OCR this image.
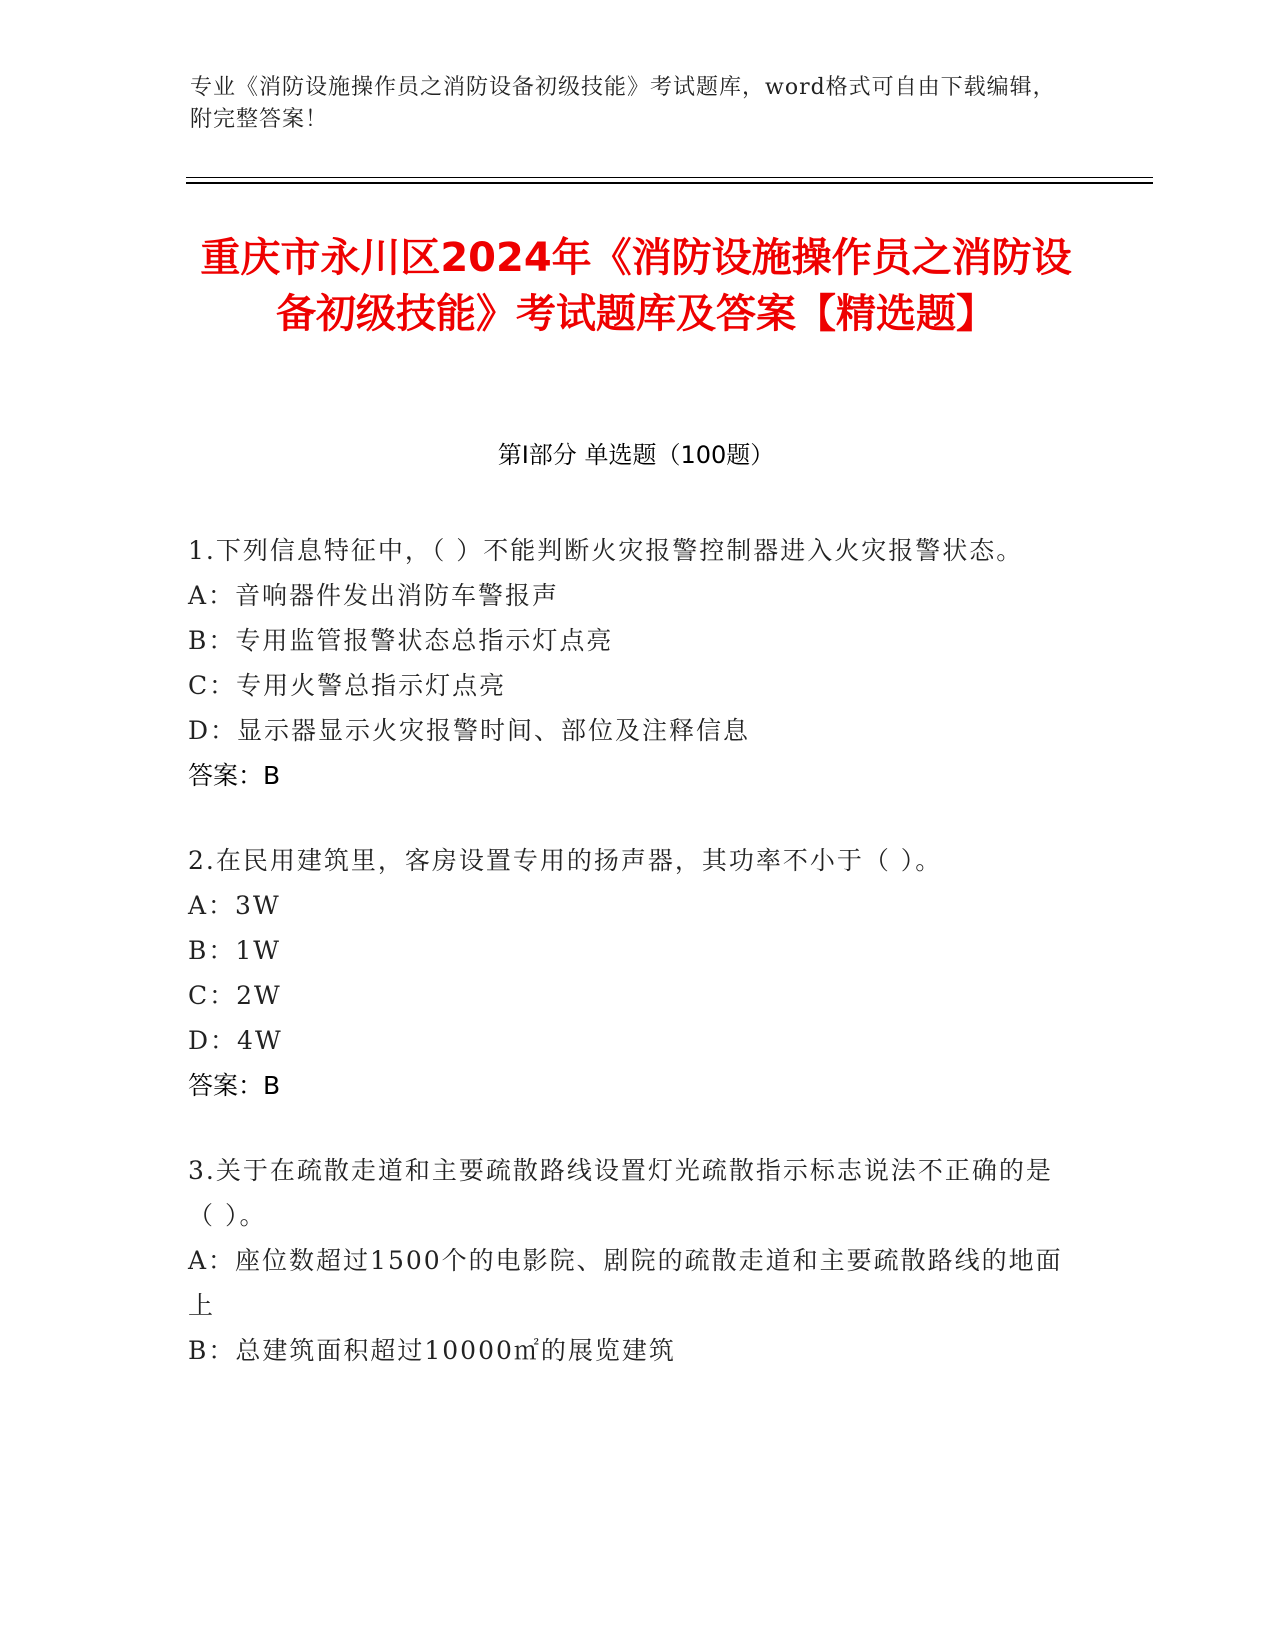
专业《消防设施操作员之消防设备初级技能》考试题库，word格式可自由下载编辑，附完整答案！
重庆市永川区2024年《消防设施操作员之消防设备初级技能》考试题库及答案【精选题】
第I部分 单选题（100题）

1.下列信息特征中，（ ）不能判断火灾报警控制器进入火灾报警状态。

A：音响器件发出消防车警报声

B：专用监管报警状态总指示灯点亮

C：专用火警总指示灯点亮

D：显示器显示火灾报警时间、部位及注释信息

答案：B

2.在民用建筑里，客房设置专用的扬声器，其功率不小于（ ）。

A：3W

B：1W

C：2W

D：4W

答案：B

3.关于在疏散走道和主要疏散路线设置灯光疏散指示标志说法不正确的是（ ）。

A：座位数超过1500个的电影院、剧院的疏散走道和主要疏散路线的地面上

B：总建筑面积超过10000㎡的展览建筑
